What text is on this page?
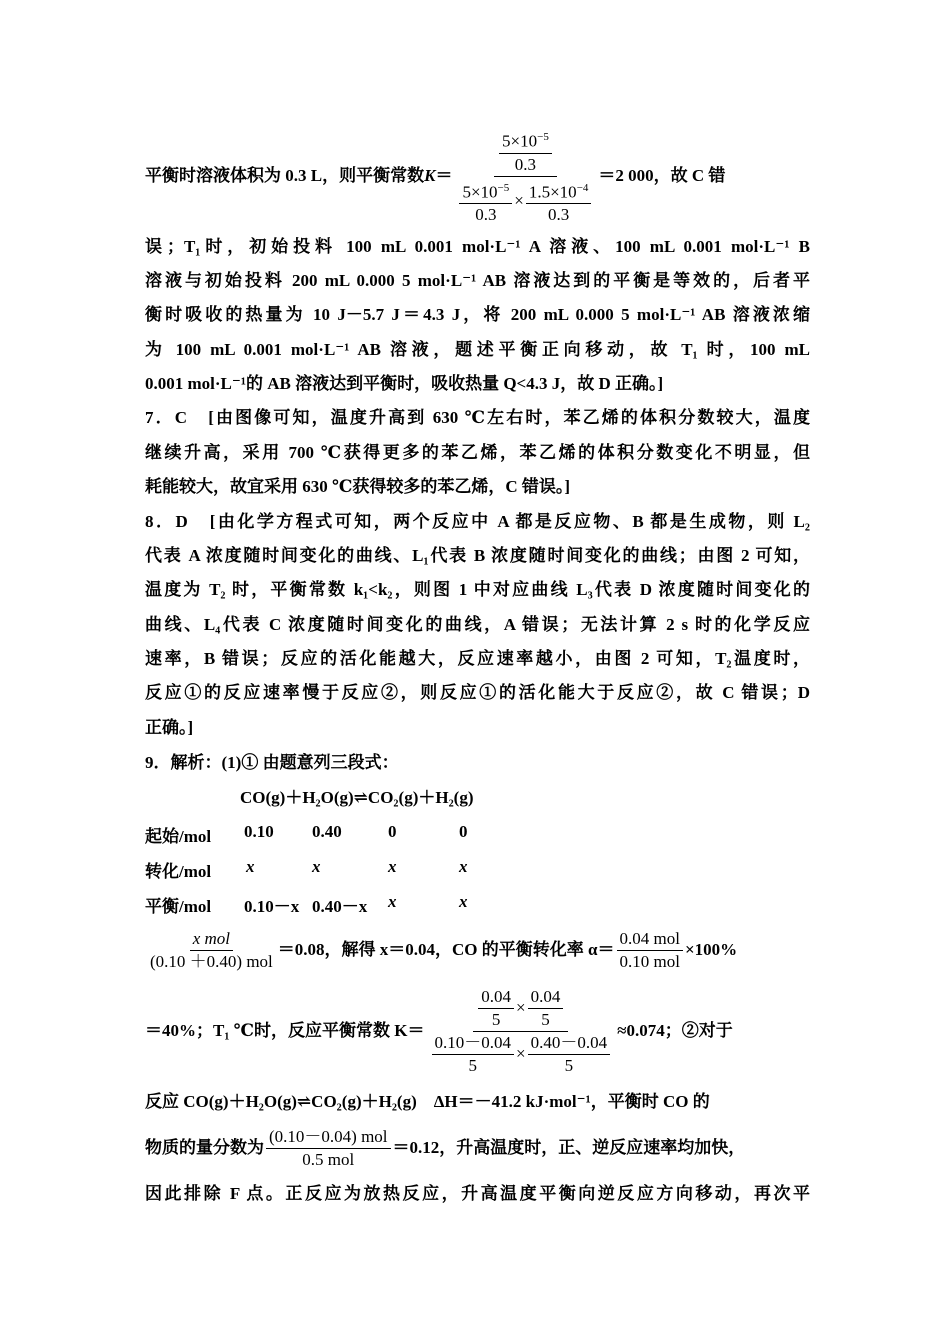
平衡时溶液体积为 0.3 L，则平衡常数 K ＝
$\frac{5\times 10^{-5}}{0.3}$
$\frac{5\times 10^{-5}}{0.3} \times \frac{1.5\times 10^{-4}}{0.3}$
＝2 000，故 C 错
误；T₁时，初始投料 100 mL 0.001 mol·L⁻¹ A 溶液、100 mL 0.001 mol·L⁻¹ B
溶液与初始投料 200 mL 0.000 5 mol·L⁻¹ AB 溶液达到的平衡是等效的，后者平
衡时吸收的热量为 10 J－5.7 J＝4.3 J，将 200 mL 0.000 5 mol·L⁻¹ AB 溶液浓缩
为 100 mL 0.001 mol·L⁻¹ AB 溶液，题述平衡正向移动，故 T₁ 时，100 mL
0.001 mol·L⁻¹的 AB 溶液达到平衡时，吸收热量 Q<4.3 J，故 D 正确。]
7．C　[由图像可知，温度升高到 630 ℃左右时，苯乙烯的体积分数较大，温度
继续升高，采用 700 ℃获得更多的苯乙烯，苯乙烯的体积分数变化不明显，但
耗能较大，故宜采用 630 ℃获得较多的苯乙烯，C 错误。]
8．D　[由化学方程式可知，两个反应中 A 都是反应物、B 都是生成物，则 L₂
代表 A 浓度随时间变化的曲线、L₁代表 B 浓度随时间变化的曲线；由图 2 可知，
温度为 T₂ 时，平衡常数 k₁<k₂，则图 1 中对应曲线 L₃代表 D 浓度随时间变化的
曲线、L₄代表 C 浓度随时间变化的曲线，A 错误；无法计算 2 s 时的化学反应
速率，B 错误；反应的活化能越大，反应速率越小，由图 2 可知，T₂温度时，
反应①的反应速率慢于反应②，则反应①的活化能大于反应②，故 C 错误；D
正确。]
9．解析：(1)① 由题意列三段式：
CO(g)＋H₂O(g)⇌CO₂(g)＋H₂(g)
起始/mol 0.10 0.40	0	0
转化/mol x	x	x	x
平衡/mol 0.10－x 0.40－x x	x
$\frac{\text{x mol}}{\text{(0.10 ＋0.40) mol}} =0.08$，解得 x＝0.04，CO 的平衡转化率 $\alpha= \frac{\text{0.04 mol}}{\text{0.10 mol}} \times 100\%$
＝40%；T₁ ℃时，反应平衡常数 $K= \frac{\frac{0.04}{5} \times \frac{0.04}{5}}{\frac{0.10-0.04}{5} \times \frac{0.40-0.04}{5}} \approx 0.074$；②对于
反应 CO(g)＋H₂O(g)⇌CO₂(g)＋H₂(g)　ΔH＝－41.2 kJ·mol⁻¹，平衡时 CO 的
物质的量分数为 $\frac{\text{(0.10－0.04) mol}}{\text{0.5 mol}} =0.12$，升高温度时，正、逆反应速率均加快，
因此排除 F 点。正反应为放热反应，升高温度平衡向逆反应方向移动，再次平
